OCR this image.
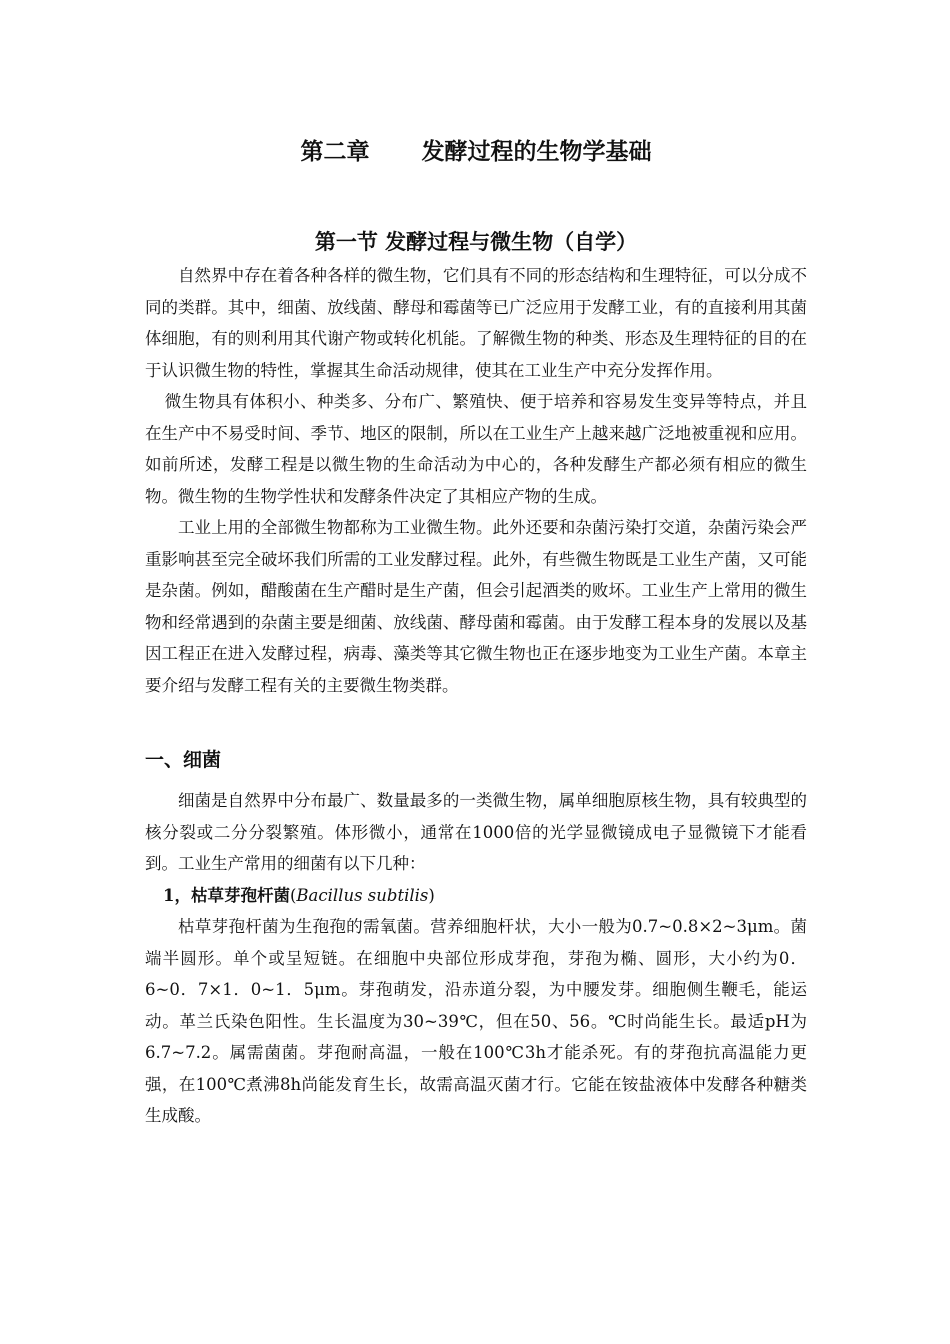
第二章 发酵过程的生物学基础
第一节 发酵过程与微生物（自学）

自然界中存在着各种各样的微生物，它们具有不同的形态结构和生理特征，可以分成不同的类群。其中，细菌、放线菌、酵母和霉菌等已广泛应用于发酵工业，有的直接利用其菌体细胞，有的则利用其代谢产物或转化机能。了解微生物的种类、形态及生理特征的目的在于认识微生物的特性，掌握其生命活动规律，使其在工业生产中充分发挥作用。

微生物具有体积小、种类多、分布广、繁殖快、便于培养和容易发生变异等特点，并且在生产中不易受时间、季节、地区的限制，所以在工业生产上越来越广泛地被重视和应用。如前所述，发酵工程是以微生物的生命活动为中心的，各种发酵生产都必须有相应的微生物。微生物的生物学性状和发酵条件决定了其相应产物的生成。

工业上用的全部微生物都称为工业微生物。此外还要和杂菌污染打交道，杂菌污染会严重影响甚至完全破坏我们所需的工业发酵过程。此外，有些微生物既是工业生产菌，又可能是杂菌。例如，醋酸菌在生产醋时是生产菌，但会引起酒类的败坏。工业生产上常用的微生物和经常遇到的杂菌主要是细菌、放线菌、酵母菌和霉菌。由于发酵工程本身的发展以及基因工程正在进入发酵过程，病毒、藻类等其它微生物也正在逐步地变为工业生产菌。本章主要介绍与发酵工程有关的主要微生物类群。

一、细菌

细菌是自然界中分布最广、数量最多的一类微生物，属单细胞原核生物，具有较典型的核分裂或二分分裂繁殖。体形微小，通常在1000倍的光学显微镜成电子显微镜下才能看到。工业生产常用的细菌有以下几种：

1，枯草芽孢杆菌(Bacillus subtilis)

枯草芽孢杆菌为生孢孢的需氧菌。营养细胞杆状，大小一般为0.7~0.8×2~3μm。菌端半圆形。单个或呈短链。在细胞中央部位形成芽孢，芽孢为椭、圆形，大小约为0．6~0．7×1．0~1．5μm。芽孢萌发，沿赤道分裂，为中腰发芽。细胞侧生鞭毛，能运动。革兰氏染色阳性。生长温度为30~39℃，但在50、56。℃时尚能生长。最适pH为6.7~7.2。属需菌菌。芽孢耐高温，一般在100℃3h才能杀死。有的芽孢抗高温能力更强，在100℃煮沸8h尚能发育生长，故需高温灭菌才行。它能在铵盐液体中发酵各种糖类生成酸。
